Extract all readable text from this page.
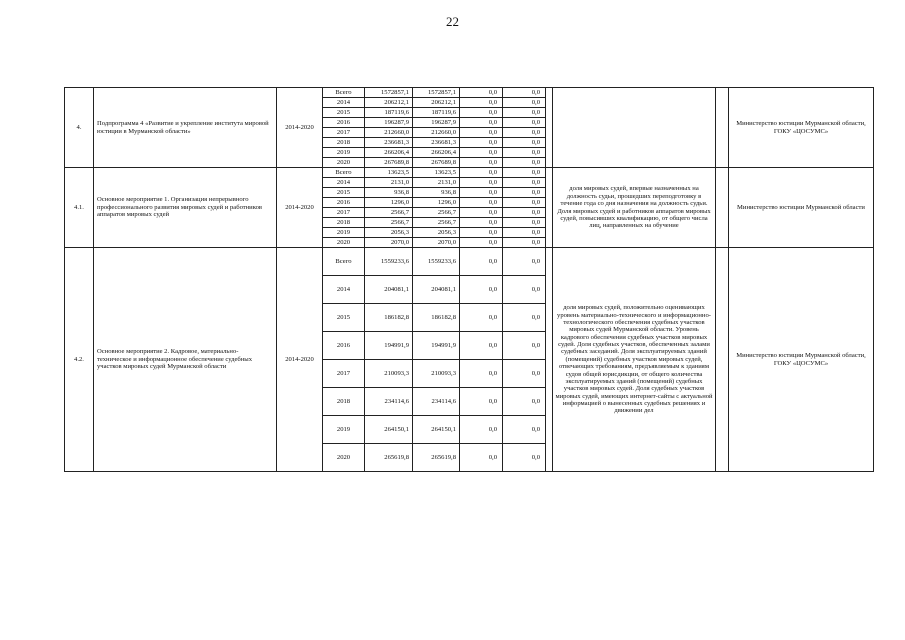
22
4.	Подпрограмма 4 «Развитие и укрепление института мировой юстиции в Мурманской области»	2014-2020	Всего	1572857,1	1572857,1	0,0	0,0				Министерство юстиции Мурманской области, ГОКУ «ЦОСУМС»
			2014	206212,1	206212,1	0,0	0,0				
			2015	187119,6	187119,6	0,0	0,0				
			2016	196287,9	196287,9	0,0	0,0				
			2017	212660,0	212660,0	0,0	0,0				
			2018	236681,3	236681,3	0,0	0,0				
			2019	266206,4	266206,4	0,0	0,0				
			2020	267689,8	267689,8	0,0	0,0				
4.1.	Основное мероприятие 1. Организация непрерывного профессионального развития мировых судей и работников аппаратов мировых судей	2014-2020	Всего	13623,5	13623,5	0,0	0,0		доля мировых судей, впервые назначенных на должность судьи, прошедших переподготовку в течение года со дня назначения на должность судьи. Доля мировых судей и работников аппаратов мировых судей, повысивших квалификацию, от общего числа лиц, направленных на обучение		Министерство юстиции Мурманской области
			2014	2131,0	2131,0	0,0	0,0				
			2015	936,8	936,8	0,0	0,0				
			2016	1296,0	1296,0	0,0	0,0				
			2017	2566,7	2566,7	0,0	0,0				
			2018	2566,7	2566,7	0,0	0,0				
			2019	2056,3	2056,3	0,0	0,0				
			2020	2070,0	2070,0	0,0	0,0				
4.2.	Основное мероприятие 2. Кадровое, материально-техническое и информационное обеспечение судебных участков мировых судей Мурманской области	2014-2020	Всего	1559233,6	1559233,6	0,0	0,0		доля мировых судей, положительно оценивающих уровень материально-технического и информационно-технологического обеспечения судебных участков мировых судей Мурманской области. Уровень кадрового обеспечения судебных участков мировых судей. Доля судебных участков, обеспеченных залами судебных заседаний. Доля эксплуатируемых зданий (помещений) судебных участков мировых судей, отвечающих требованиям, предъявляемым к зданиям судов общей юрисдикции, от общего количества эксплуатируемых зданий (помещений) судебных участков мировых судей. Доля судебных участков мировых судей, имеющих интернет-сайты с актуальной информацией о вынесенных судебных решениях и движении дел		Министерство юстиции Мурманской области, ГОКУ «ЦОСУМС»
			2014	204081,1	204081,1	0,0	0,0				
			2015	186182,8	186182,8	0,0	0,0				
			2016	194991,9	194991,9	0,0	0,0				
			2017	210093,3	210093,3	0,0	0,0				
			2018	234114,6	234114,6	0,0	0,0				
			2019	264150,1	264150,1	0,0	0,0				
			2020	265619,8	265619,8	0,0	0,0				
